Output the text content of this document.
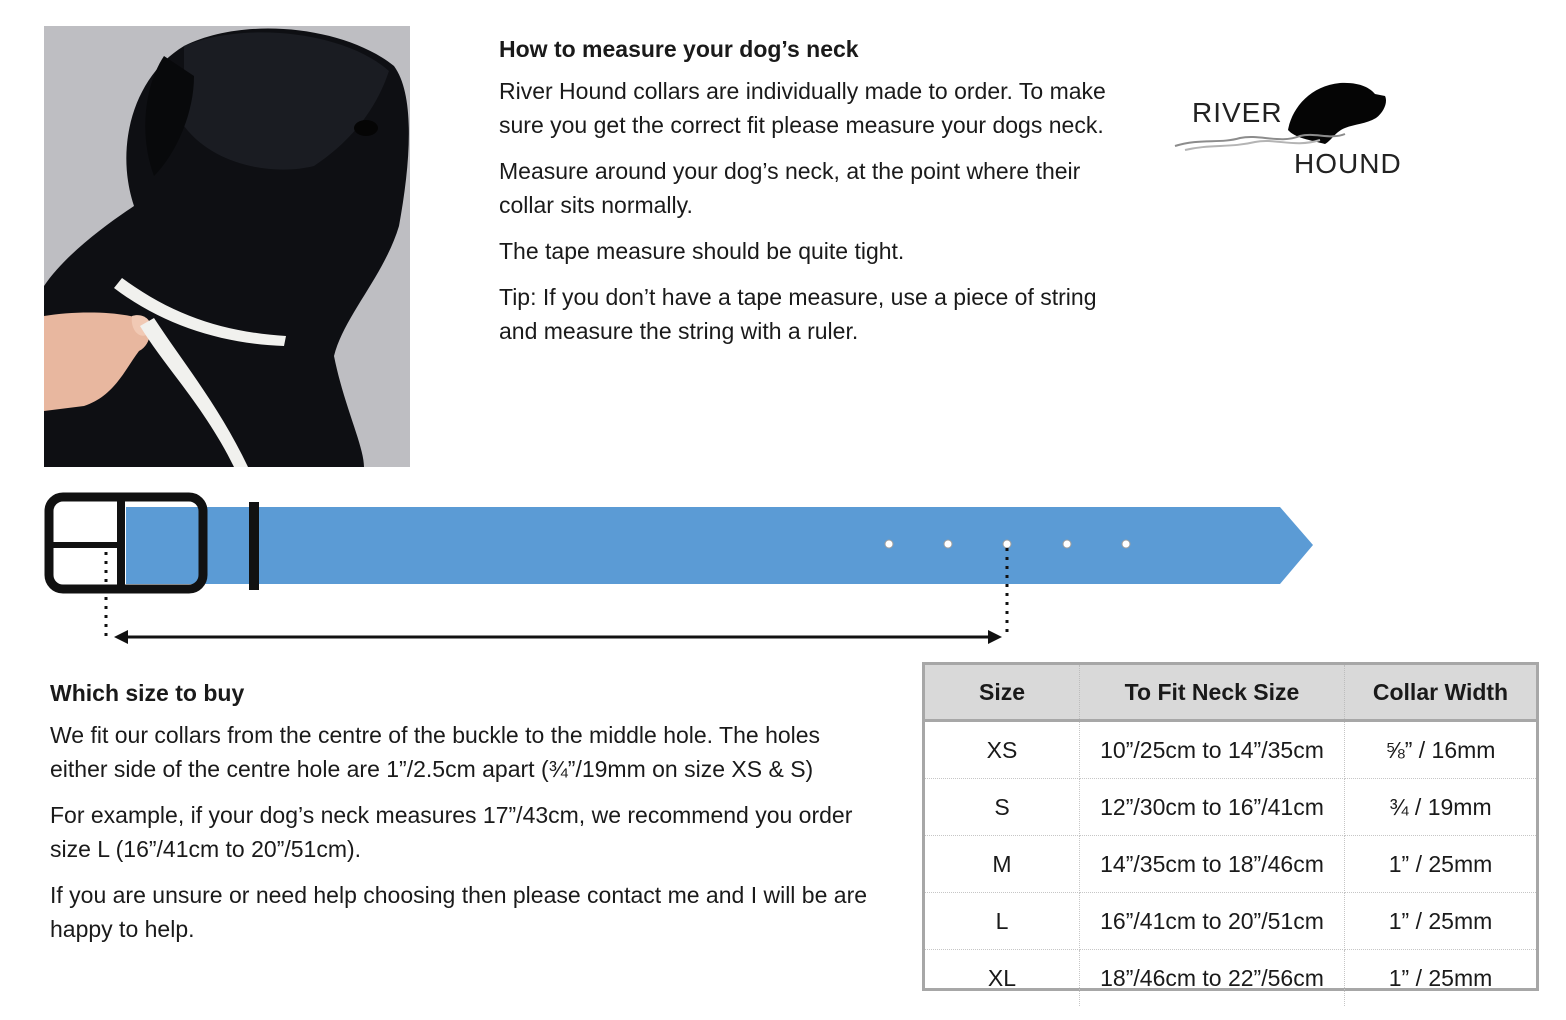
How to measure your dog’s neck

River Hound collars are individually made to order. To make sure you get the correct fit please measure your dogs neck.

Measure around your dog’s neck, at the point where their collar sits normally.

The tape measure should be quite tight.

Tip: If you don’t have a tape measure, use a piece of string and measure the string with a ruler.

RIVER
HOUND

Which size to buy

We fit our collars from the centre of the buckle to the middle hole. The holes either side of the centre hole are 1”/2.5cm apart (¾”/19mm on size XS & S)

For example, if your dog’s neck measures 17”/43cm, we recommend you order size L (16”/41cm to 20”/51cm).

If you are unsure or need help choosing then please contact me and I will be are happy to help.

Size	To Fit Neck Size	Collar Width
XS	10”/25cm to 14”/35cm	⅝” / 16mm
S	12”/30cm to 16”/41cm	¾ / 19mm
M	14”/35cm to 18”/46cm	1” / 25mm
L	16”/41cm to 20”/51cm	1” / 25mm
XL	18”/46cm to 22”/56cm	1” / 25mm
